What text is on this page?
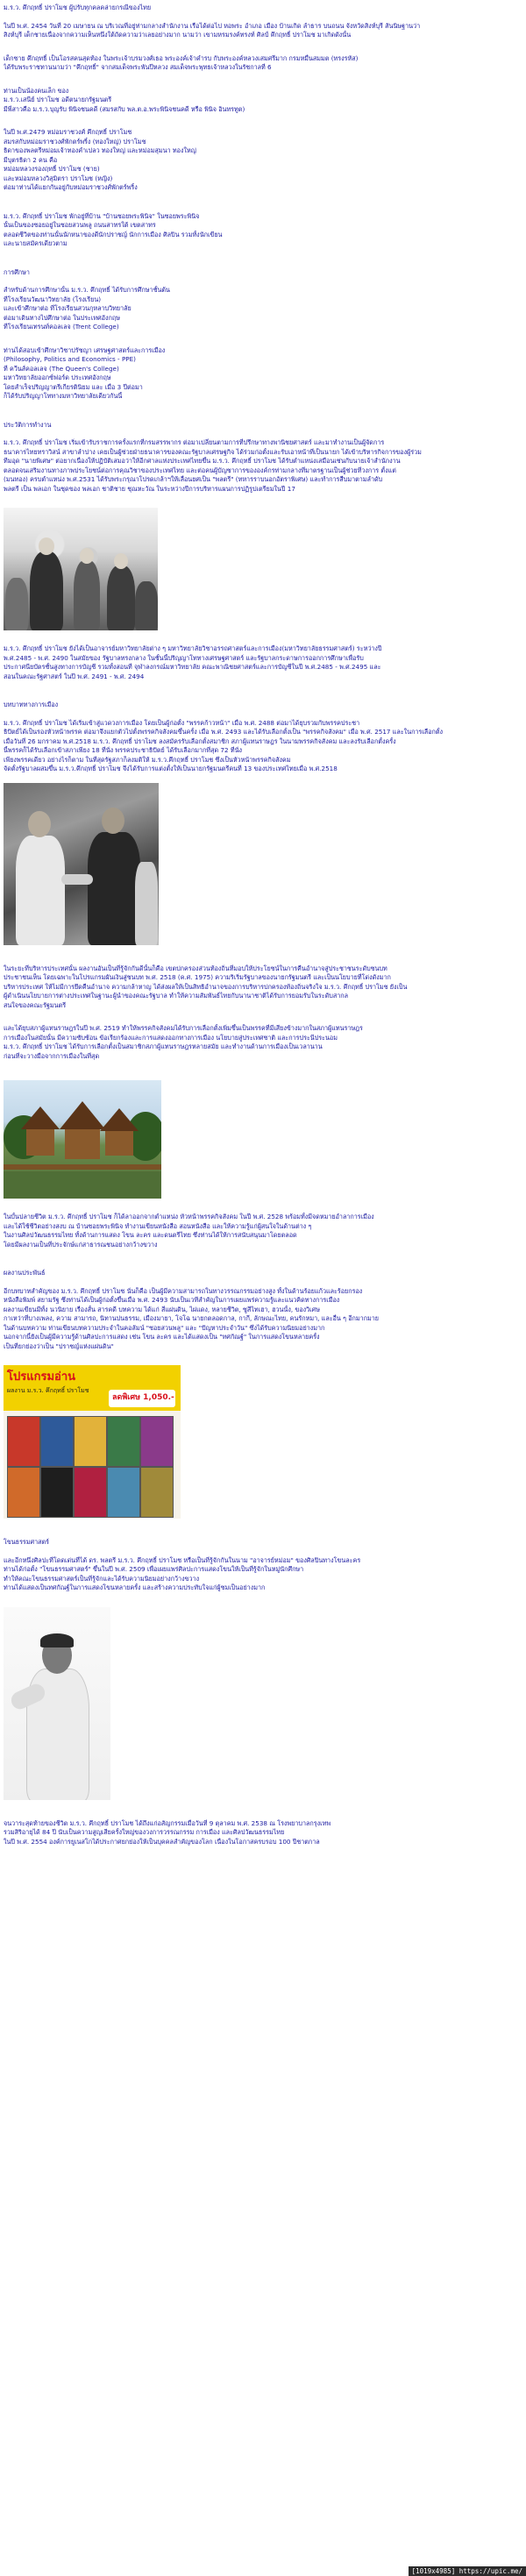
ม.ร.ว. คึกฤทธิ์ ปราโมช ผู้ปรับทุกคลคล่ายกรณีของไทย
ในปี พ.ศ. 2454 วันที่ 20 เมษายน ณ บริเวณที่อยู่ท่ามกลางสำนักงาน เรือได้ต่อไป หอพระ อำเภอ เมือง บ้านเกิด ลำธาร บนถนน จังหวัดสิงห์บุรี สันนิษฐานว่า
สิงห์บุรี เด็กชายเนื่องจากความเห็นหนึ่งใต้ถัดความว่าเลยอย่างมาก นามว่า เขามหรมรงค์ทรงท์ ศิลป์ คึกฤทธิ์ ปราโมช มาเกิดดังนั้น
เด็กชาย คึกฤทธิ์ เป็นโอรสคนสุดท้อง ในพระเจ้าบรมวงศ์เธอ พระองค์เจ้าคำรบ กับพระองค์หลวงเสมศรีมาก กรมหมื่นสมมต (ทรงรหัส)
ได้รับพระราชทานนามว่า "คึกฤทธิ์" จากสมเด็จพระพันปีหลวง สมเด็จพระพุทธเจ้าหลวงในรัชกาลที่ 6
ท่านเป็นน้องคนเล็ก ของ
ม.ร.ว.เสนีย์ ปราโมช อดีตนายกรัฐมนตรี
มีพี่สาวคือ ม.ร.ว.บุญรับ พินิจชนคดี (สมรสกับ พล.ต.อ.พระพินิจชนคดี หรือ พินิจ อินทรทูต)
ในปี พ.ศ.2479 หม่อมราชวงศ์ คึกฤทธิ์ ปราโมช
สมรสกับหม่อมราชวงศ์พักตร์พริ้ง (ทองใหญ่) ปราโมช
ธิดาของพลตรีหม่อมเจ้าทองคำเปลว ทองใหญ่ และหม่อมสุมนา ทองใหญ่
มีบุตรธิดา 2 คน คือ
หม่อมหลวงรองฤทธิ์ ปราโมช (ชาย)
และหม่อมหลวงวิสุมิตรา ปราโมช (หญิง)
ต่อมาท่านได้แยกกันอยู่กับหม่อมราชวงศ์พักตร์พริ้ง
ม.ร.ว. คึกฤทธิ์ ปราโมช พักอยู่ที่บ้าน "บ้านซอยพระพินิจ" ในซอยพระพินิจ
นั้นเป็นของซอยอยู่ในซอยสวนพลู ถนนสาทรใต้ เขตสาทร
ตลอดชีวิตของท่านนั้นนักหนาของดีนักปราชญ์ นักการเมือง ศิลปิน รวมทั้งนักเขียน
และนายสมัครเดียวตาม
การศึกษา
สำหรับด้านการศึกษานั้น ม.ร.ว. คึกฤทธิ์ ได้รับการศึกษาชั้นต้น
ที่โรงเรียนวัฒนาวิทยาลัย (โรงเรียน)
และเข้าศึกษาต่อ ที่โรงเรียนสวนกุหลาบวิทยาลัย
ต่อมาเดินทางไปศึกษาต่อ ในประเทศอังกฤษ
ที่โรงเรียนเทรนท์คอลเลจ (Trent College)
ท่านได้สอบเข้าศึกษาวิชาปรัชญา เศรษฐศาสตร์และการเมือง
(Philosophy, Politics and Economics - PPE)
ที่ ควีนส์คอลเลจ (The Queen's College)
มหาวิทยาลัยออกซ์ฟอร์ด ประเทศอังกฤษ
โดยสำเร็จปริญญาตรีเกียรตินิยม และ เมื่อ 3 ปีต่อมา
ก็ได้รับปริญญาโททางมหาวิทยาลัยเดียวกันนี้
ประวัติการทำงาน
ม.ร.ว. คึกฤทธิ์ ปราโมช เริ่มเข้ารับราชการครั้งแรกที่กรมสรรพากร ต่อมาเปลี่ยนตามการที่ปรึกษาทางพานิชยศาสตร์ และมาทำงานเป็นผู้จัดการ
ธนาคารไทยทราวิสน์ สาขาลำปาง เคยเป็นผู้ช่วยฝ่ายธนาคารของคณะรัฐบาลเศรษฐกิจ ได้ร่วมก่อตั้งและรับเอาหน้าที่เป็นนายก ได้เข้าบริหารกิจการของผู้ร่วม
ทีมอุด "นายพิเศษ" ต่อยากเนื่องให้ปฏิบัติเสมอว่าให้อีกศาลแห่งประเทศไทยขึ้น ม.ร.ว. คึกฤทธิ์ ปราโมช ได้รับตำแหน่งเสมือนเช่นกับนายเจ้าสำนักงาน
ตลอดจนเสริมงานทางภาพประโยชน์ต่อการคุณวิชาของประเทศไทย และต่อคนผู้บัญชาการขององค์กรท่ามกลางที่มาตรฐานเป็นผู้ช่วยที่วงการ ตั้งแต่
(มนทอง) ครบตำแหน่ง พ.ศ.2531 ได้รับพระกรุณาโปรดเกล้าฯให้เลื่อนยศเป็น "พลตรี" (ทหารราบนอกอัตราพิเศษ) และทำการสืบมาตามลำดับ
พลตรี เป็น พลเอก ในชุดของ พลเอก ชาติชาย ชุณหะวัณ ในระหว่างปีการบริหารแผนการปฏิรูปเตรียมในปี 17
ม.ร.ว. คึกฤทธิ์ ปราโมช ยังได้เป็นอาจารย์มหาวิทยาลัยต่าง ๆ มหาวิทยาลัยวิชาอรรถศาสตร์และการเมือง(มหาวิทยาลัยธรรมศาสตร์) ระหว่างปี
พ.ศ.2485 - พ.ศ. 2490 ในสมัยของ รัฐบาลทรงกลาง ในชั้นนี้ปริญญาโททางเศรษฐศาสตร์ และรัฐบาลกระดาษการออกการศึกษาเพื่อรับ
ประกาศนียบัตรชั้นสูงทางการบัญชี รวมทั้งสอนที่ จุฬาลงกรณ์มหาวิทยาลัย คณะพาณิชยศาสตร์และการบัญชีในปี พ.ศ.2485 - พ.ศ.2495 และ
สอนในคณะรัฐศาสตร์ ในปี พ.ศ. 2491 - พ.ศ. 2494
บทบาททางการเมือง
ม.ร.ว. คึกฤทธิ์ ปราโมช ได้เริ่มเข้าสู่แวดวงการเมือง โดยเป็นผู้ก่อตั้ง "พรรคก้าวหน้า" เมื่อ พ.ศ. 2488 ต่อมาได้ยุบรวมกับพรรคประชา
ธิปัตย์ได้เป็นรองหัวหน้าพรรค ต่อมาจึงแยกตัวไปตั้งพรรคกิจสังคมขึ้นครั้ง เมื่อ พ.ศ. 2493 และได้รับเลือกตั้งเป็น "พรรคกิจสังคม" เมื่อ พ.ศ. 2517 และในการเลือกตั้ง
เมื่อวันที่ 26 มกราคม พ.ศ.2518 ม.ร.ว. คึกฤทธิ์ ปราโมช ลงสมัครรับเลือกตั้งสมาชิก สภาผู้แทนราษฎร ในนามพรรคกิจสังคม และลงรับเลือกตั้งครั้ง
นี้พรรคก็ได้รับเลือกเข้าสภาเพียง 18 ที่นั่ง พรรคประชาธิปัตย์ ได้รับเลือกมากที่สุด 72 ที่นั่ง
เพียงพรรคเดียว อย่างไรก็ตาม ในที่สุดรัฐสภาก็ลงมติให้ ม.ร.ว.คึกฤทธิ์ ปราโมช ซึ่งเป็นหัวหน้าพรรคกิจสังคม
จัดตั้งรัฐบาลผสมขึ้น ม.ร.ว.คึกฤทธิ์ ปราโมช จึงได้รับการแต่งตั้งให้เป็นนายกรัฐมนตรีคนที่ 13 ของประเทศไทยเมื่อ พ.ศ.2518
ในระยะที่บริหารประเทศนั้น ผลงานอันเป็นที่รู้จักกันดีนั้นก็คือ เขตปกครองส่วนท้องถิ่นที่มอบให้ประโยชน์ในการคืนอำนาจสู่ประชาชนระดับชนบท
ประชาชนเห็น โดยเฉพาะในโปรแกรมผันเงินสู่ชนบท พ.ศ. 2518 (ค.ศ. 1975) ความริเริ่มรัฐบาลของนายกรัฐมนตรี และเป็นนโยบายที่โด่งดังมาก
บริหารประเทศ ให้ไม่มีการยึดคืนอำนาจ ความกล้าหาญ ได้ส่งผลให้เป็นสิทธิอำนาจของการบริหารปกครองท้องถิ่นจริงใจ ม.ร.ว. คึกฤทธิ์ ปราโมช ยังเป็น
ผู้ดำเนินนโยบายการต่างประเทศในฐานะผู้นำของคณะรัฐบาล ทำให้ความสัมพันธ์ไทยกับนานาชาติได้รับการยอมรับในระดับสากล
สนใจของคณะรัฐมนตรี
และได้ยุบสภาผู้แทนราษฎรในปี พ.ศ. 2519 ทำให้พรรคกิจสังคมได้รับการเลือกตั้งเพิ่มขึ้นเป็นพรรคที่มีเสียงข้างมากในสภาผู้แทนราษฎร
การเมืองในสมัยนั้น มีความซับซ้อน ข้อเรียกร้องและการแสดงออกทางการเมือง นโยบายสู่ประเทศชาติ และการประนีประนอม
ม.ร.ว. คึกฤทธิ์ ปราโมช ได้รับการเลือกตั้งเป็นสมาชิกสภาผู้แทนราษฎรหลายสมัย และทำงานด้านการเมืองเป็นเวลานาน
ก่อนที่จะวางมือจากการเมืองในที่สุด
ในบั้นปลายชีวิต ม.ร.ว. คึกฤทธิ์ ปราโมช ก็ได้ลาออกจากตำแหน่ง หัวหน้าพรรคกิจสังคม ในปี พ.ศ. 2528 พร้อมทั้งมีจดหมายอำลาการเมือง
และได้ใช้ชีวิตอย่างสงบ ณ บ้านซอยพระพินิจ ทำงานเขียนหนังสือ สอนหนังสือ และให้ความรู้แก่ผู้สนใจในด้านต่าง ๆ
ในงานศิลปวัฒนธรรมไทย ทั้งด้านการแสดง โขน ละคร และดนตรีไทย ซึ่งท่านได้ให้การสนับสนุนมาโดยตลอด
โดยมีผลงานเป็นที่ประจักษ์แก่สาธารณชนอย่างกว้างขวาง
ผลงานประพันธ์
อีกบทบาทสำคัญของ ม.ร.ว. คึกฤทธิ์ ปราโมช นั่นก็คือ เป็นผู้มีความสามารถในทางวรรณกรรมอย่างสูง ทั้งในด้านร้อยแก้วและร้อยกรอง
หนังสือพิมพ์ สยามรัฐ ซึ่งท่านได้เป็นผู้ก่อตั้งขึ้นเมื่อ พ.ศ. 2493 นับเป็นเวทีสำคัญในการเผยแพร่ความรู้และแนวคิดทางการเมือง
ผลงานเขียนมีทั้ง นวนิยาย เรื่องสั้น สารคดี บทความ ได้แก่ สี่แผ่นดิน, ไผ่แดง, หลายชีวิต, ซูสีไทเฮา, ฮวนนั้ง, ของวิเศษ
กาเหว่าที่บางเพลง, ความ สามารถ, นิทานปนธรรม, เมืองมายา, โจโฉ นายกตลอดกาล, กากี, ลักษณะไทย, คนรักหมา, และอื่น ๆ อีกมากมาย
ในด้านบทความ ท่านเขียนบทความประจำในคอลัมน์ "ซอยสวนพลู" และ "ปัญหาประจำวัน" ซึ่งได้รับความนิยมอย่างมาก
นอกจากนี้ยังเป็นผู้มีความรู้ด้านศิลปะการแสดง เช่น โขน ละคร และได้แสดงเป็น "ทศกัณฐ์" ในการแสดงโขนหลายครั้ง
เป็นที่ยกย่องว่าเป็น "ปราชญ์แห่งแผ่นดิน"
โปรแกรมอ่าน
ผลงาน ม.ร.ว. คึกฤทธิ์ ปราโมช
ลดพิเศษ 1,050.-
โขนธรรมศาสตร์
และอีกหนึ่งศิลปะที่โดดเด่นที่ได้ ดร. พลตรี ม.ร.ว. คึกฤทธิ์ ปราโมช หรือเป็นที่รู้จักกันในนาม "อาจารย์หม่อม" ของศิลปินทางโขนละคร
ท่านได้ก่อตั้ง "โขนธรรมศาสตร์" ขึ้นในปี พ.ศ. 2509 เพื่อเผยแพร่ศิลปะการแสดงโขนให้เป็นที่รู้จักในหมู่นักศึกษา
ทำให้คณะโขนธรรมศาสตร์เป็นที่รู้จักและได้รับความนิยมอย่างกว้างขวาง
ท่านได้แสดงเป็นทศกัณฐ์ในการแสดงโขนหลายครั้ง และสร้างความประทับใจแก่ผู้ชมเป็นอย่างมาก
จนวาระสุดท้ายของชีวิต ม.ร.ว. คึกฤทธิ์ ปราโมช ได้ถึงแก่อสัญกรรมเมื่อวันที่ 9 ตุลาคม พ.ศ. 2538 ณ โรงพยาบาลกรุงเทพ
รวมสิริอายุได้ 84 ปี นับเป็นความสูญเสียครั้งใหญ่ของวงการวรรณกรรม การเมือง และศิลปวัฒนธรรมไทย
ในปี พ.ศ. 2554 องค์การยูเนสโกได้ประกาศยกย่องให้เป็นบุคคลสำคัญของโลก เนื่องในโอกาสครบรอบ 100 ปีชาตกาล
[1019x4985] https://upic.me/
